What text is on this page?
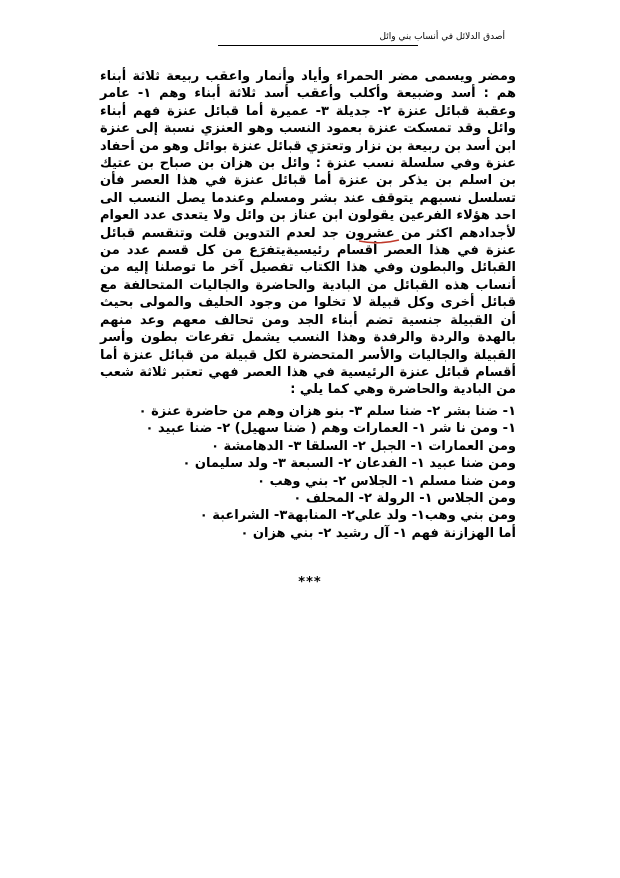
أصدق الدلائل في أنساب بني وائل
ومضر ويسمى مضر الحمراء وأياد وأنمار واعقب ربيعة ثلاثة أبناء هم : أسد وضبيعة وأكلب وأعقب أسد ثلاثة أبناء وهم ١- عامر وعقبة قبائل عنزة ٢- جديلة ٣- عميرة أما قبائل عنزة فهم أبناء وائل وقد تمسكت عنزة بعمود النسب وهو العنزي نسبة إلى عنزة ابن أسد بن ربيعة بن نزار وتعتزي قبائل عنزة بوائل وهو من أحفاد عنزة وفي سلسلة نسب عنزة : وائل بن هزان بن صباح بن عتيك بن اسلم بن يذكر بن عنزة أما قبائل عنزة في هذا العصر فأن تسلسل نسبهم يتوقف عند بشر ومسلم وعندما يصل النسب الى احد هؤلاء الفرعين يقولون ابن عناز بن وائل ولا يتعدى عدد العوام لأجدادهم اكثر من عشرون جد لعدم التدوين قلت وتنقسم قبائل عنزة في هذا العصر أقسام رئيسيةيتفرَع من كل قسم عدد من القبائل والبطون وفي هذا الكتاب تفصيل آخر ما توصلنا إليه من أنساب هذه القبائل من البادية والحاضرة والجاليات المتحالفة مع قبائل أخرى وكل قبيلة لا تخلوا من وجود الحليف والمولى بحيث أن القبيلة جنسية تضم أبناء الجد ومن تحالف معهم وعد منهم بالهدة والردة والرفدة وهذا النسب يشمل تفرعات بطون وأسر القبيلة والجاليات والأسر المتحضرة لكل قبيلة من قبائل عنزة أما أقسام قبائل عنزة الرئيسية في هذا العصر فهي تعتبر ثلاثة شعب من البادية والحاضرة وهي كما يلي :
١- ضنا بشر ٢- ضنا سلم ٣- بنو هزان وهم من حاضرة عنزة ٠
١- ومن نا شر ١- العمارات وهم ( ضنا سهيل) ٢- ضنا عبيد ٠
ومن العمارات ١- الجبل ٢- السلقا ٣- الدهامشة ٠
ومن ضنا عبيد ١- الفدعان ٢- السبعة ٣- ولد سليمان ٠
ومن ضنا مسلم ١- الجلاس ٢- بني وهب ٠
ومن الجلاس ١- الرولة ٢- المحلف ٠
ومن بني وهب١- ولد علي٢- المنابهة٣- الشراعبة ٠
أما الهزازنة فهم ١- آل رشيد ٢- بني هزان ٠
***
